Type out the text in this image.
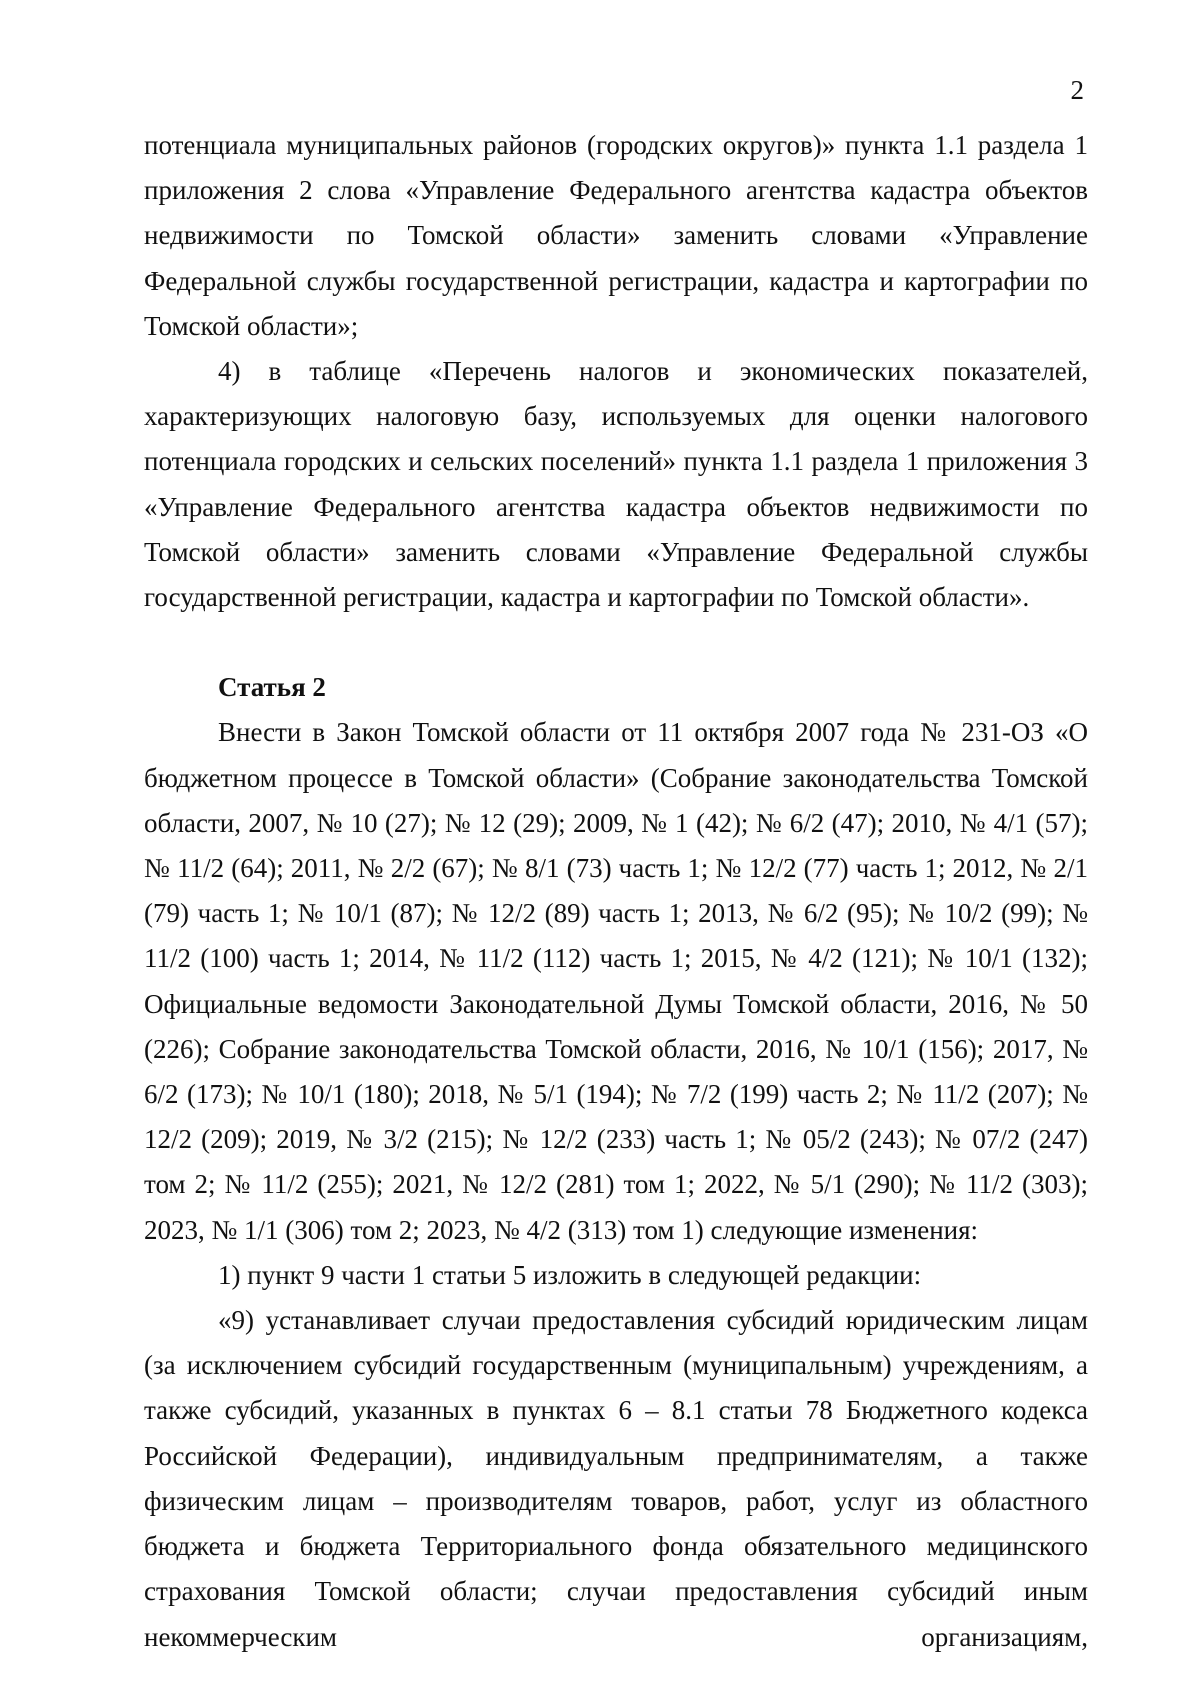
2

потенциала муниципальных районов (городских округов)» пункта 1.1 раздела 1 приложения 2 слова «Управление Федерального агентства кадастра объектов недвижимости по Томской области» заменить словами «Управление Федеральной службы государственной регистрации, кадастра и картографии по Томской области»;

4) в таблице «Перечень налогов и экономических показателей, характеризующих налоговую базу, используемых для оценки налогового потенциала городских и сельских поселений» пункта 1.1 раздела 1 приложения 3 «Управление Федерального агентства кадастра объектов недвижимости по Томской области» заменить словами «Управление Федеральной службы государственной регистрации, кадастра и картографии по Томской области».

Статья 2

Внести в Закон Томской области от 11 октября 2007 года № 231-ОЗ «О бюджетном процессе в Томской области» (Собрание законодательства Томской области, 2007, № 10 (27); № 12 (29); 2009, № 1 (42); № 6/2 (47); 2010, № 4/1 (57); № 11/2 (64); 2011, № 2/2 (67); № 8/1 (73) часть 1; № 12/2 (77) часть 1; 2012, № 2/1 (79) часть 1; № 10/1 (87); № 12/2 (89) часть 1; 2013, № 6/2 (95); № 10/2 (99); № 11/2 (100) часть 1; 2014, № 11/2 (112) часть 1; 2015, № 4/2 (121); № 10/1 (132); Официальные ведомости Законодательной Думы Томской области, 2016, № 50 (226); Собрание законодательства Томской области, 2016, № 10/1 (156); 2017, № 6/2 (173); № 10/1 (180); 2018, № 5/1 (194); № 7/2 (199) часть 2; № 11/2 (207); № 12/2 (209); 2019, № 3/2 (215); № 12/2 (233) часть 1; № 05/2 (243); № 07/2 (247) том 2; № 11/2 (255); 2021, № 12/2 (281) том 1; 2022, № 5/1 (290); № 11/2 (303); 2023, № 1/1 (306) том 2; 2023, № 4/2 (313) том 1) следующие изменения:

1) пункт 9 части 1 статьи 5 изложить в следующей редакции:

«9) устанавливает случаи предоставления субсидий юридическим лицам (за исключением субсидий государственным (муниципальным) учреждениям, а также субсидий, указанных в пунктах 6 – 8.1 статьи 78 Бюджетного кодекса Российской Федерации), индивидуальным предпринимателям, а также физическим лицам – производителям товаров, работ, услуг из областного бюджета и бюджета Территориального фонда обязательного медицинского страхования Томской области; случаи предоставления субсидий иным некоммерческим организациям,
